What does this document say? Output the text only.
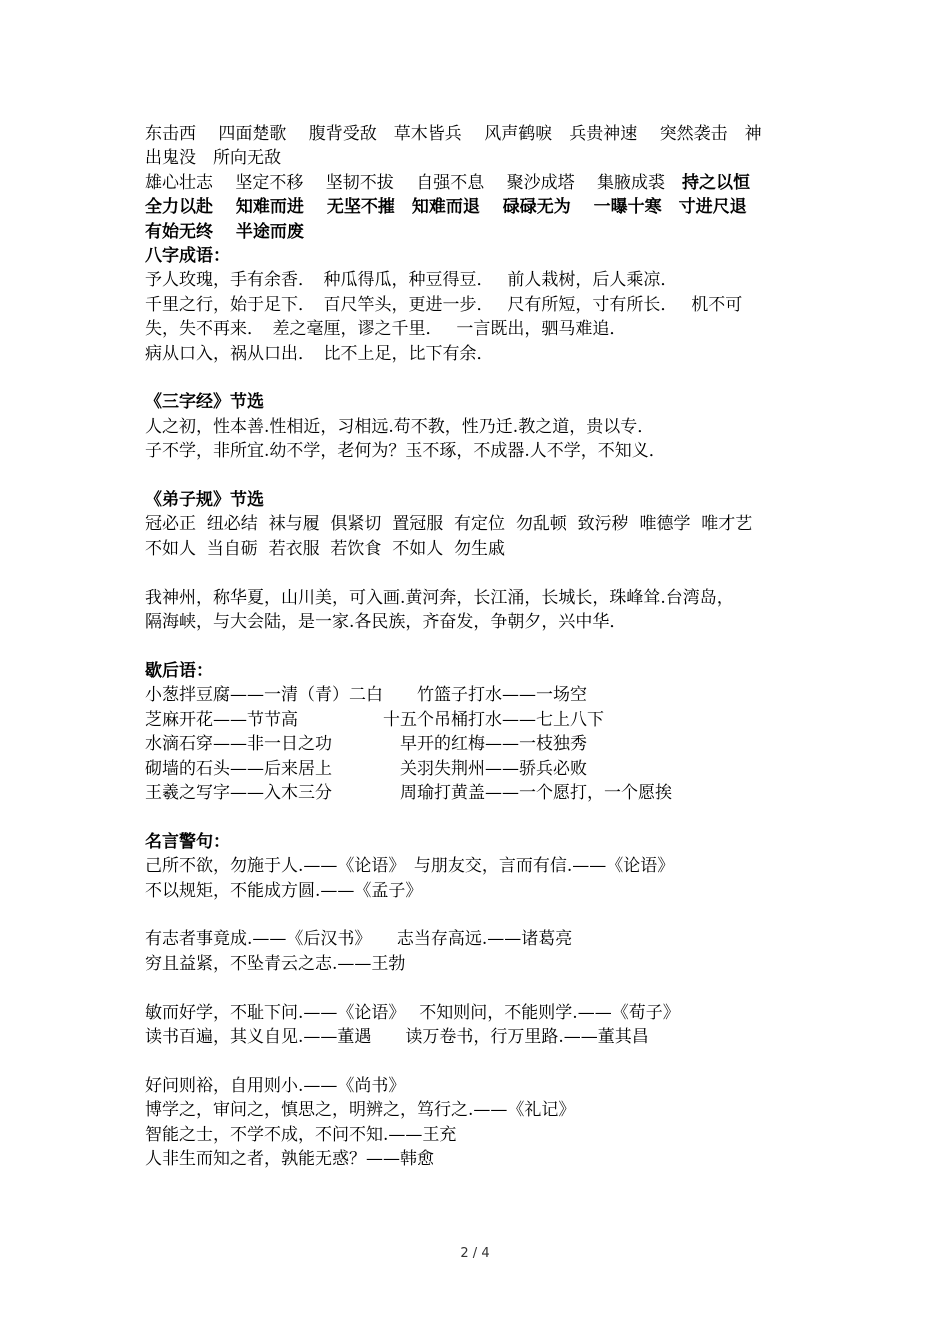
东击西　 四面楚歌　 腹背受敌　草木皆兵　 风声鹤唳　兵贵神速　 突然袭击　神

出鬼没　所向无敌

雄心壮志　 坚定不移　 坚韧不拔　 自强不息　 聚沙成塔　 集腋成裘　持之以恒

全力以赴　 知难而进　 无坚不摧　知难而退　 碌碌无为　 一曝十寒　寸进尺退

有始无终　 半途而废

八字成语：

予人玫瑰，手有余香．　种瓜得瓜，种豆得豆．　 前人栽树，后人乘凉．

千里之行，始于足下．　百尺竿头，更进一步．　 尺有所短，寸有所长．　 机不可

失，失不再来．　差之毫厘，谬之千里．　 一言既出，驷马难追．

病从口入，祸从口出．　比不上足，比下有余．

《三字经》节选

人之初，性本善.性相近，习相远.苟不教，性乃迁.教之道，贵以专．

子不学，非所宜.幼不学，老何为？玉不琢，不成器.人不学，不知义．

《弟子规》节选

冠必正  纽必结  袜与履  俱紧切  置冠服  有定位  勿乱顿  致污秽  唯德学  唯才艺

不如人  当自砺  若衣服  若饮食  不如人  勿生戚

我神州，称华夏，山川美，可入画.黄河奔，长江涌，长城长，珠峰耸.台湾岛，

隔海峡，与大会陆，是一家.各民族，齐奋发，争朝夕，兴中华．

歇后语：

小葱拌豆腐——一清（青）二白　　 竹篮子打水——一场空

芝麻开花——节节高　　　　　	十五个吊桶打水——七上八下

水滴石穿——非一日之功　　　　	早开的红梅——一枝独秀

砌墙的石头——后来居上　　　　	关羽失荆州——骄兵必败

王羲之写字——入木三分　　　　	周瑜打黄盖——一个愿打，一个愿挨

名言警句：

己所不欲，勿施于人.——《论语》　与朋友交，言而有信.——《论语》

不以规矩，不能成方圆.——《孟子》

有志者事竟成.——《后汉书》　　志当存高远.——诸葛亮

穷且益紧，不坠青云之志.——王勃

敏而好学，不耻下问.——《论语》　 不知则问，不能则学.——《荀子》

读书百遍，其义自见.——董遇　　读万卷书，行万里路.——董其昌

好问则裕，自用则小.——《尚书》

博学之，审问之，慎思之，明辨之，笃行之.——《礼记》

智能之士，不学不成，不问不知.——王充

人非生而知之者，孰能无惑？——韩愈

2 / 4
